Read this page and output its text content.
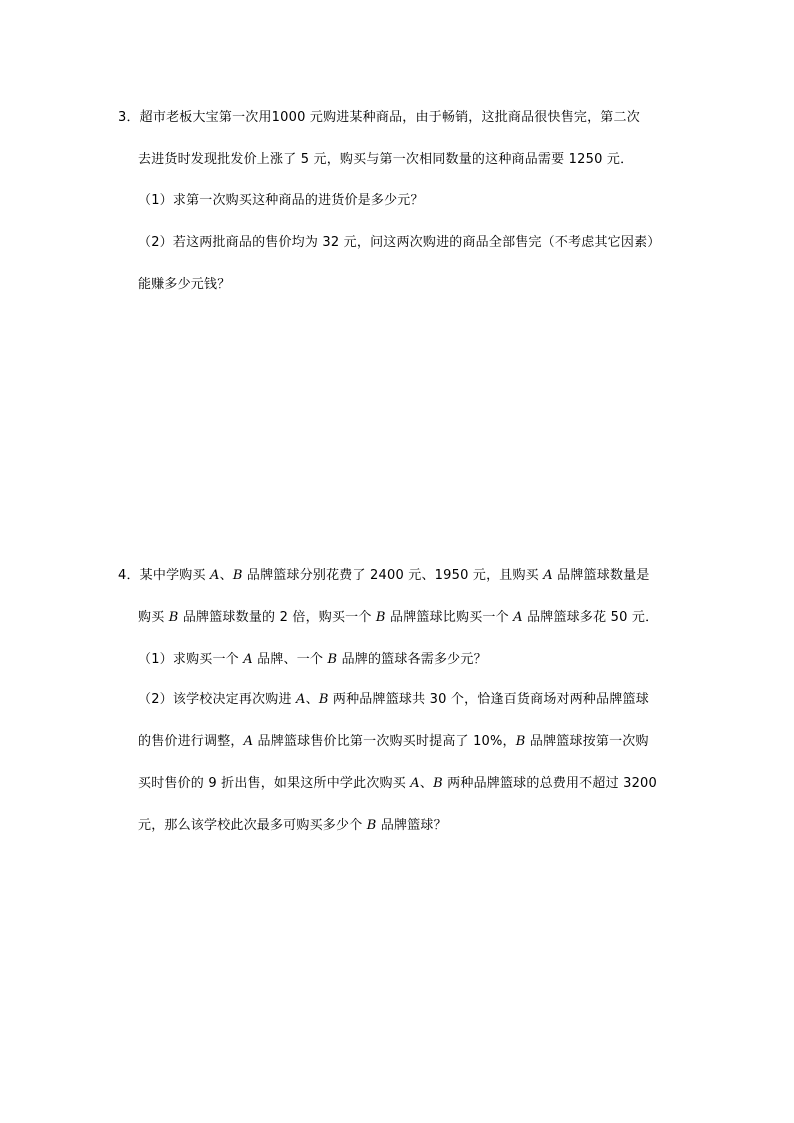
3．超市老板大宝第一次用1000 元购进某种商品，由于畅销，这批商品很快售完，第二次
去进货时发现批发价上涨了 5 元，购买与第一次相同数量的这种商品需要 1250 元．
（1）求第一次购买这种商品的进货价是多少元？
（2）若这两批商品的售价均为 32 元，问这两次购进的商品全部售完（不考虑其它因素）
能赚多少元钱？
4．某中学购买 A、B 品牌篮球分别花费了 2400 元、1950 元，且购买 A 品牌篮球数量是
购买 B 品牌篮球数量的 2 倍，购买一个 B 品牌篮球比购买一个 A 品牌篮球多花 50 元．
（1）求购买一个 A 品牌、一个 B 品牌的篮球各需多少元？
（2）该学校决定再次购进 A、B 两种品牌篮球共 30 个，恰逢百货商场对两种品牌篮球
的售价进行调整，A 品牌篮球售价比第一次购买时提高了 10%，B 品牌篮球按第一次购
买时售价的 9 折出售，如果这所中学此次购买 A、B 两种品牌篮球的总费用不超过 3200
元，那么该学校此次最多可购买多少个 B 品牌篮球？
